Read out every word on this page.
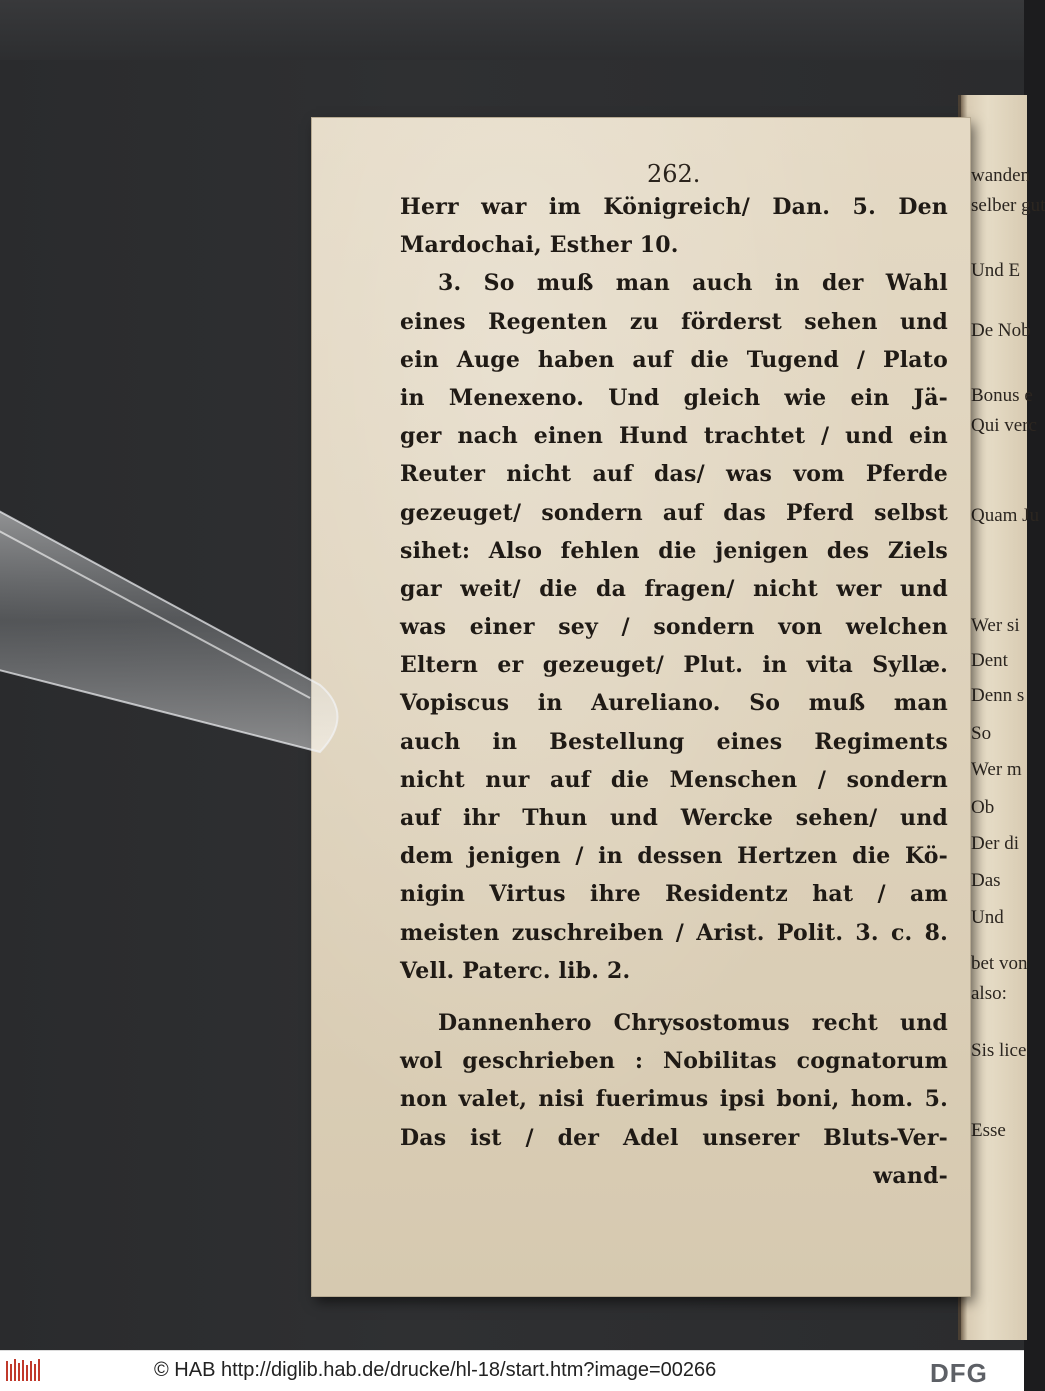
wanden
selber gut
Und E
De Nob
Bonus e
Qui verc
Quam Ju
Wer si
Dent
Denn s
So
Wer m
Ob
Der di
Das
Und
bet von
also:
Sis lice
Esse
262.
Herr war im Königreich/ Dan. 5. Den
Mardochai, Esther 10.
3. So muß man auch in der Wahl
eines Regenten zu förderst sehen und
ein Auge haben auf die Tugend / Plato
in Menexeno. Und gleich wie ein Jä-
ger nach einen Hund trachtet / und ein
Reuter nicht auf das/ was vom Pferde
gezeuget/ sondern auf das Pferd selbst
sihet: Also fehlen die jenigen des Ziels
gar weit/ die da fragen/ nicht wer und
was einer sey / sondern von welchen
Eltern er gezeuget/ Plut. in vita Syllæ.
Vopiscus in Aureliano. So muß man
auch in Bestellung eines Regiments
nicht nur auf die Menschen / sondern
auf ihr Thun und Wercke sehen/ und
dem jenigen / in dessen Hertzen die Kö-
nigin Virtus ihre Residentz hat / am
meisten zuschreiben / Arist. Polit. 3. c. 8.
Vell. Paterc. lib. 2.
Dannenhero Chrysostomus recht und
wol geschrieben : Nobilitas cognatorum
non valet, nisi fuerimus ipsi boni, hom. 5.
Das ist / der Adel unserer Bluts-Ver-
wand-
© HAB http://diglib.hab.de/drucke/hl-18/start.htm?image=00266	DFG
